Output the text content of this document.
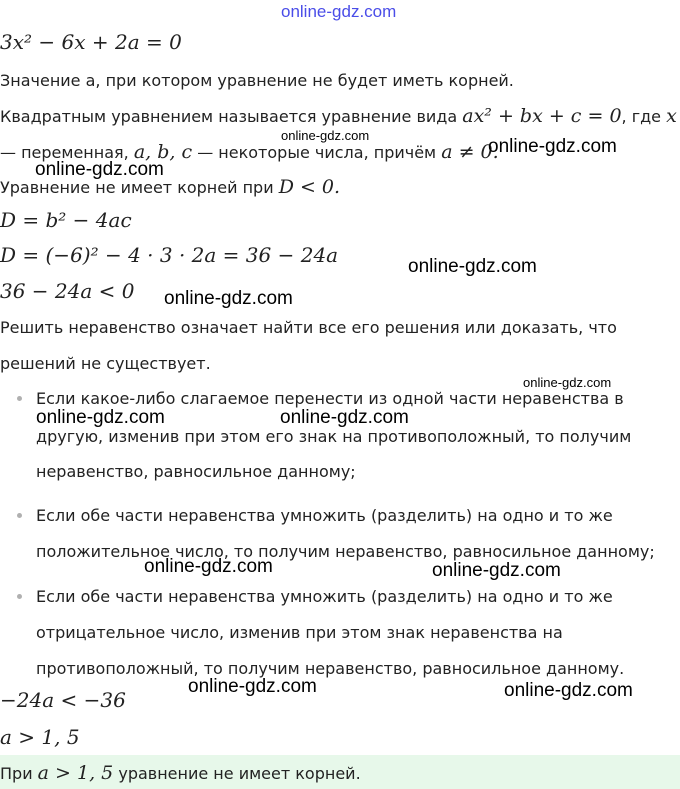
online-gdz.com
3x² − 6x + 2a = 0
Значение a, при котором уравнение не будет иметь корней.
Квадратным уравнением называется уравнение вида ax² + bx + c = 0, где x
— переменная, a, b, c — некоторые числа, причём a ≠ 0.
Уравнение не имеет корней при D < 0.
D = b² − 4ac
D = (−6)² − 4 · 3 · 2a = 36 − 24a
36 − 24a < 0
Решить неравенство означает найти все его решения или доказать, что
решений не существует.
Если какое-либо слагаемое перенести из одной части неравенства в
другую, изменив при этом его знак на противоположный, то получим
неравенство, равносильное данному;
Если обе части неравенства умножить (разделить) на одно и то же
положительное число, то получим неравенство, равносильное данному;
Если обе части неравенства умножить (разделить) на одно и то же
отрицательное число, изменив при этом знак неравенства на
противоположный, то получим неравенство, равносильное данному.
−24a < −36
a > 1, 5
При a > 1, 5 уравнение не имеет корней.
online-gdz.com
online-gdz.com
online-gdz.com
online-gdz.com
online-gdz.com
online-gdz.com
online-gdz.com	online-gdz.com
online-gdz.com	online-gdz.com
online-gdz.com	online-gdz.com
